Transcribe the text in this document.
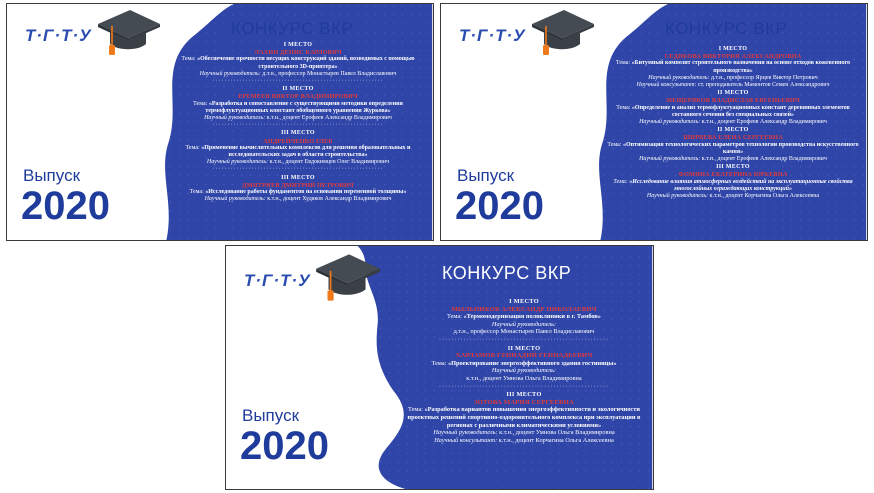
Т·Г·Т·У	КОНКУРС ВКР
Выпуск
2020
I МЕСТО
ЛАХИН ДЕНИС КАРЛОВИЧ
Тема: «Обеспечение прочности несущих конструкций зданий, возводимых с помощью строительного 3D-принтера»
Научный руководитель: д.т.н., профессор Монастырев Павел Владиславович
·························································
II МЕСТО
ЕРЕМЕЕВ ВИКТОР ВЛАДИМИРОВИЧ
Тема: «Разработка и сопоставление с существующими методики определения термофлуктуационных констант обобщенного уравнения Журкова»
Научный руководитель: к.т.н., доцент Ерофеев Александр Владимирович
·························································
III МЕСТО
АНДРЕЙЧЕНКО ГЛЕБ
Тема: «Применение вычислительных комплексов для решения образовательных и исследовательских задач в области строительства»
Научный руководитель: к.т.н., доцент Евдокимцев Олег Владимирович
·························································
III МЕСТО
ДМИТРИЕВ ДМИТРИЙ ПЕТРОВИЧ
Тема: «Исследование работы фундаментов на основании переменной толщины»
Научный руководитель: к.т.н., доцент Худяков Александр Владимирович
Т·Г·Т·У	КОНКУРС ВКР
Выпуск
2020
I МЕСТО
СЕДИКОВА ВИКТОРИЯ АЛЕКСАНДРОВНА
Тема: «Битумный композит строительного назначения на основе отходов кожевенного производства»
Научный руководитель: д.т.н., профессор Ярцев Виктор Петрович
Научный консультант: ст. преподаватель Мамонтов Семен Александрович
II МЕСТО
МЕЩЕРЯКОВ ВЛАДИСЛАВ ЕВГЕНЬЕВИЧ
Тема: «Определение и анализ термофлуктуационных констант деревянных элементов составного сечения без специальных связей»
Научный руководитель: к.т.н., доцент Ерофеев Александр Владимирович
II МЕСТО
ШИРЯЕВА ЕЛЕНА СЕРГЕЕВНА
Тема: «Оптимизация технологических параметров технологии производства искусственного камня»
Научный руководитель: к.т.н., доцент Ерофеев Александр Владимирович
III МЕСТО
ФОМИНА ЕКАТЕРИНА ЮРЬЕВНА
Тема: «Исследование влияния атмосферных воздействий на эксплуатационные свойства многослойных ограждающих конструкций»
Научный руководитель: к.т.н., доцент Корчагина Ольга Алексеевна
Т·Г·Т·У	КОНКУРС ВКР
Выпуск
2020
I МЕСТО
МЫЛЬНИКОВ АЛЕКСАНДР НИКОЛАЕВИЧ
Тема: «Термомодернизация поликлиники в г. Тамбов»
Научный руководитель:
д.т.н., профессор Монастырев Павел Владиславович
·······················································
II МЕСТО
ХАРЛАМОВ ГЕННАДИЙ ГЕННАДЬЕВИЧ
Тема: «Проектирование энергоэффективного здания гостиницы»
Научный руководитель:
к.т.н., доцент Умнова Ольга Владимировна
·······················································
III МЕСТО
ЗОТОВА МАРИЯ СЕРГЕЕВНА
Тема: «Разработка вариантов повышения энергоэффективности и экологичности проектных решений спортивно-оздоровительного комплекса при эксплуатации в регионах с различными климатическими условиями»
Научный руководитель: к.т.н., доцент Умнова Ольга Владимировна
Научный консультант: к.т.н., доцент Корчагина Ольга Алексеевна
